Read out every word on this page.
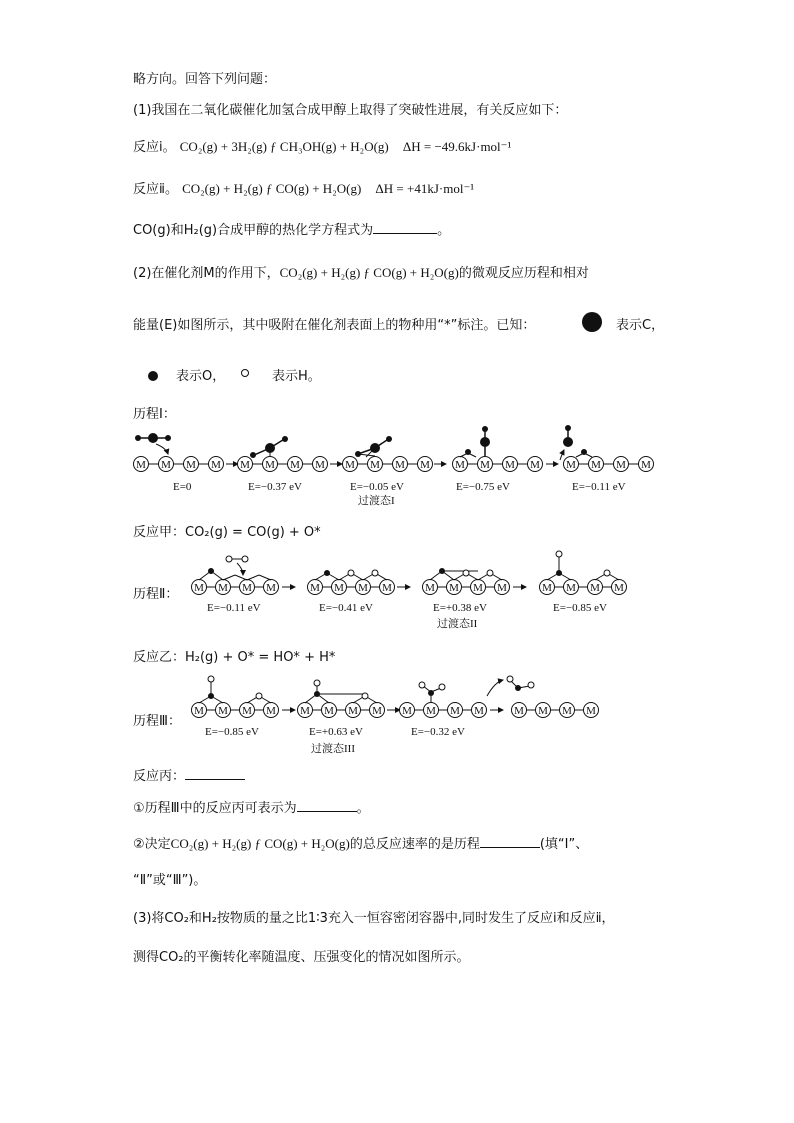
略方向。回答下列问题：
(1)我国在二氧化碳催化加氢合成甲醇上取得了突破性进展，有关反应如下：
反应ⅰ。 CO₂(g) + 3H₂(g) ƒ CH₃OH(g) + H₂O(g) ΔH = −49.6kJ·mol⁻¹
反应ⅱ。 CO₂(g) + H₂(g) ƒ CO(g) + H₂O(g) ΔH = +41kJ·mol⁻¹
CO(g)和H₂(g)合成甲醇的热化学方程式为	。
(2)在催化剂M的作用下，CO₂(g) + H₂(g) ƒ CO(g) + H₂O(g)的微观反应历程和相对
能量(E)如图所示，其中吸附在催化剂表面上的物种用“*”标注。已知：	表示C，
表示O，	表示H。
历程Ⅰ：
M
E=0	E=−0.37 eV	E=−0.05 eV
过渡态I
E=−0.75 eV	E=−0.11 eV
反应甲：CO₂(g) = CO(g) + O*
历程Ⅱ：
E=−0.11 eV	E=−0.41 eV	E=+0.38 eV
过渡态II
E=−0.85 eV
反应乙：H₂(g) + O* = HO* + H*
历程Ⅲ：
E=−0.85 eV	E=+0.63 eV
过渡态III
E=−0.32 eV
反应丙：
①历程Ⅲ中的反应丙可表示为	。
②决定CO₂(g) + H₂(g) ƒ CO(g) + H₂O(g)的总反应速率的是历程	(填“Ⅰ”、
“Ⅱ”或“Ⅲ”)。
(3)将CO₂和H₂按物质的量之比1∶3充入一恒容密闭容器中,同时发生了反应ⅰ和反应ⅱ，
测得CO₂的平衡转化率随温度、压强变化的情况如图所示。
